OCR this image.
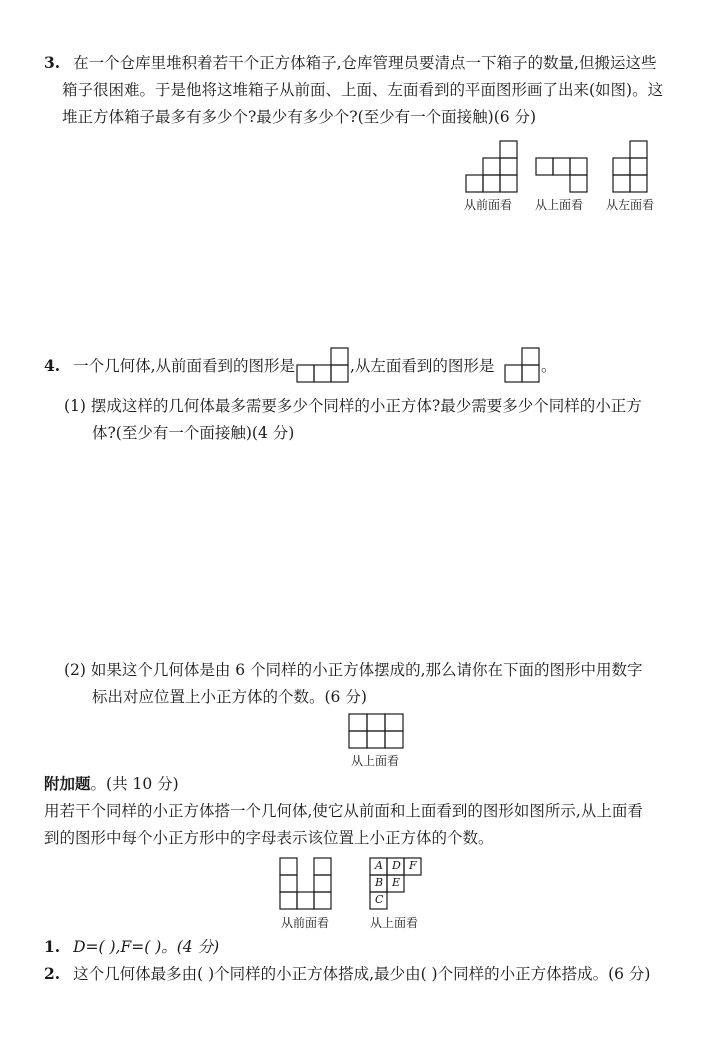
3. 在一个仓库里堆积着若干个正方体箱子,仓库管理员要清点一下箱子的数量,但搬运这些
箱子很困难。于是他将这堆箱子从前面、上面、左面看到的平面图形画了出来(如图)。这
堆正方体箱子最多有多少个?最少有多少个?(至少有一个面接触)(6 分)
从前面看 从上面看 从左面看
4. 一个几何体,从前面看到的图形是	,从左面看到的图形是	。
(1) 摆成这样的几何体最多需要多少个同样的小正方体?最少需要多少个同样的小正方
体?(至少有一个面接触)(4 分)
(2) 如果这个几何体是由 6 个同样的小正方体摆成的,那么请你在下面的图形中用数字
标出对应位置上小正方体的个数。(6 分)
从上面看
附加题。(共 10 分)
用若干个同样的小正方体搭一个几何体,使它从前面和上面看到的图形如图所示,从上面看
到的图形中每个小正方形中的字母表示该位置上小正方体的个数。
A D F
B E
C
从前面看	从上面看
1. D=( ),F=( )。(4 分)
2. 这个几何体最多由( )个同样的小正方体搭成,最少由( )个同样的小正方体搭成。(6 分)
